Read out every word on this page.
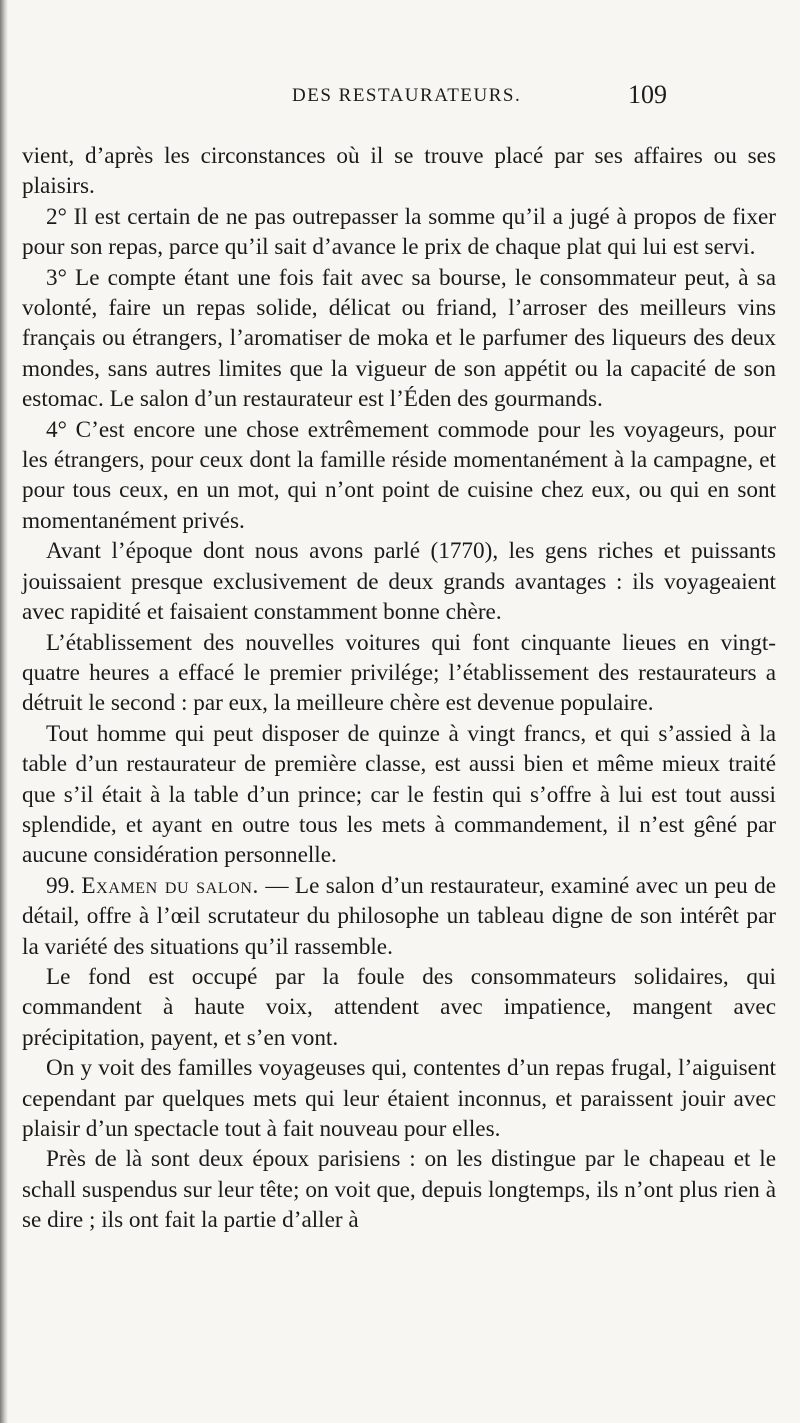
DES RESTAURATEURS.	109

vient, d’après les circonstances où il se trouve placé par ses affaires ou ses plaisirs.

2° Il est certain de ne pas outrepasser la somme qu’il a jugé à propos de fixer pour son repas, parce qu’il sait d’avance le prix de chaque plat qui lui est servi.

3° Le compte étant une fois fait avec sa bourse, le consommateur peut, à sa volonté, faire un repas solide, délicat ou friand, l’arroser des meilleurs vins français ou étrangers, l’aromatiser de moka et le parfumer des liqueurs des deux mondes, sans autres limites que la vigueur de son appétit ou la capacité de son estomac. Le salon d’un restaurateur est l’Éden des gourmands.

4° C’est encore une chose extrêmement commode pour les voyageurs, pour les étrangers, pour ceux dont la famille réside momentanément à la campagne, et pour tous ceux, en un mot, qui n’ont point de cuisine chez eux, ou qui en sont momentanément privés.

Avant l’époque dont nous avons parlé (1770), les gens riches et puissants jouissaient presque exclusivement de deux grands avantages : ils voyageaient avec rapidité et faisaient constamment bonne chère.

L’établissement des nouvelles voitures qui font cinquante lieues en vingt-quatre heures a effacé le premier privilége; l’établissement des restaurateurs a détruit le second : par eux, la meilleure chère est devenue populaire.

Tout homme qui peut disposer de quinze à vingt francs, et qui s’assied à la table d’un restaurateur de première classe, est aussi bien et même mieux traité que s’il était à la table d’un prince; car le festin qui s’offre à lui est tout aussi splendide, et ayant en outre tous les mets à commandement, il n’est gêné par aucune considération personnelle.

99. Examen du salon. — Le salon d’un restaurateur, examiné avec un peu de détail, offre à l’œil scrutateur du philosophe un tableau digne de son intérêt par la variété des situations qu’il rassemble.

Le fond est occupé par la foule des consommateurs solidaires, qui commandent à haute voix, attendent avec impatience, mangent avec précipitation, payent, et s’en vont.

On y voit des familles voyageuses qui, contentes d’un repas frugal, l’aiguisent cependant par quelques mets qui leur étaient inconnus, et paraissent jouir avec plaisir d’un spectacle tout à fait nouveau pour elles.

Près de là sont deux époux parisiens : on les distingue par le chapeau et le schall suspendus sur leur tête; on voit que, depuis longtemps, ils n’ont plus rien à se dire ; ils ont fait la partie d’aller à
